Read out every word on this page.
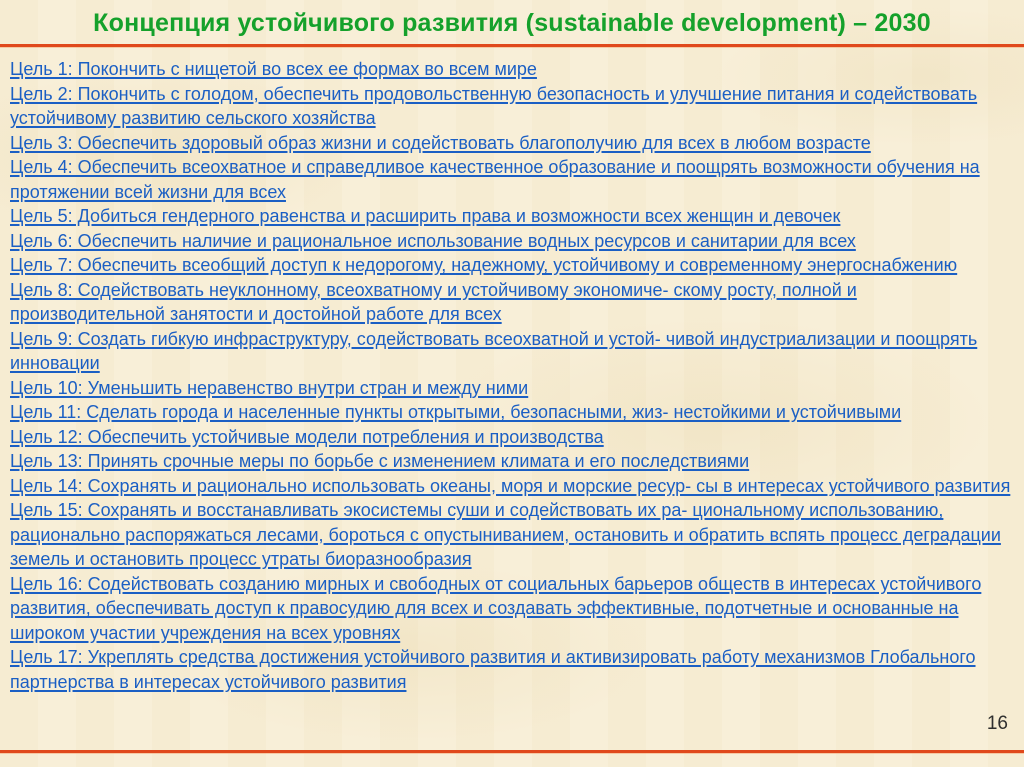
Концепция устойчивого развития (sustainable development) – 2030

Цель 1: Покончить с нищетой во всех ее формах во всем мире

Цель 2: Покончить с голодом, обеспечить продовольственную безопасность и улучшение питания и содействовать устойчивому развитию сельского хозяйства

Цель 3: Обеспечить здоровый образ жизни и содействовать благополучию для всех в любом возрасте

Цель 4: Обеспечить всеохватное и справедливое качественное образование и поощрять возможности обучения на протяжении всей жизни для всех

Цель 5: Добиться гендерного равенства и расширить права и возможности всех женщин и девочек

Цель 6: Обеспечить наличие и рациональное использование водных ресурсов и санитарии для всех

Цель 7: Обеспечить всеобщий доступ к недорогому, надежному, устойчивому и современному энергоснабжению

Цель 8: Содействовать неуклонному, всеохватному и устойчивому экономиче- скому росту, полной и производительной занятости и достойной работе для всех

Цель 9: Создать гибкую инфраструктуру, содействовать всеохватной и устой- чивой индустриализации и поощрять инновации

Цель 10: Уменьшить неравенство внутри стран и между ними

Цель 11: Сделать города и населенные пункты открытыми, безопасными, жиз- нестойкими и устойчивыми

Цель 12: Обеспечить устойчивые модели потребления и производства

Цель 13: Принять срочные меры по борьбе с изменением климата и его последствиями

Цель 14: Сохранять и рационально использовать океаны, моря и морские ресур- сы в интересах устойчивого развития

Цель 15: Сохранять и восстанавливать экосистемы суши и содействовать их ра- циональному использованию, рационально распоряжаться лесами, бороться с опустыниванием, остановить и обратить вспять процесс деградации земель и остановить процесс утраты биоразнообразия

Цель 16: Содействовать созданию мирных и свободных от социальных барьеров обществ в интересах устойчивого развития, обеспечивать доступ к правосудию для всех и создавать эффективные, подотчетные и основанные на широком участии учреждения на всех уровнях

Цель 17: Укреплять средства достижения устойчивого развития и активизировать работу механизмов Глобального партнерства в интересах устойчивого развития

16
